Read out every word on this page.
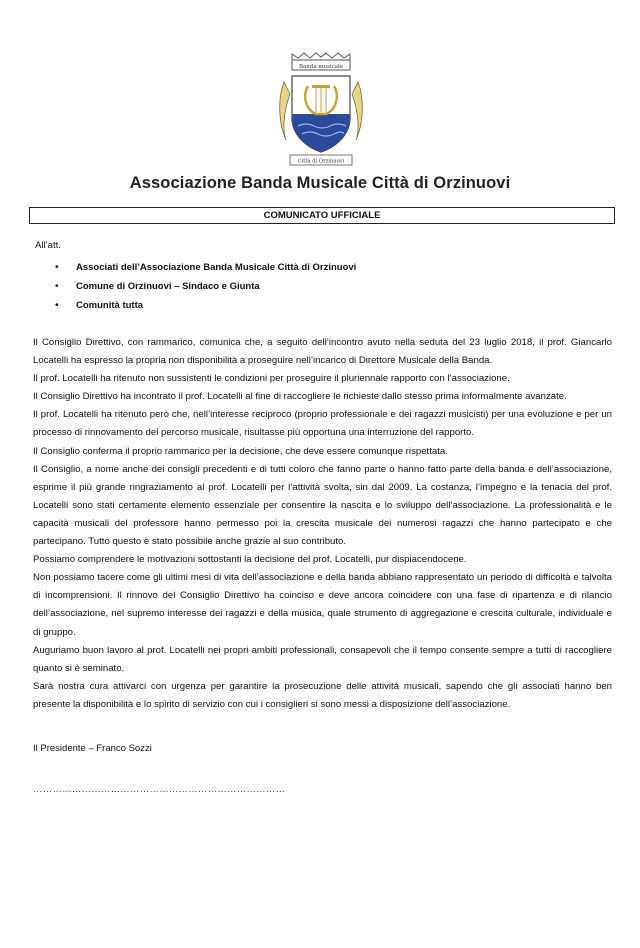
Banda musicale
Città di Orzinuovi
Associazione Banda Musicale Città di Orzinuovi
COMUNICATO UFFICIALE
All’att.
• Associati dell’Associazione Banda Musicale Città di Orzinuovi
• Comune di Orzinuovi – Sindaco e Giunta
• Comunità tutta

Il Consiglio Direttivo, con rammarico, comunica che, a seguito dell’incontro avuto nella seduta del 23 luglio 2018, il prof. Giancarlo Locatelli ha espresso la propria non disponibilità a proseguire nell’incarico di Direttore Musicale della Banda.

Il prof. Locatelli ha ritenuto non sussistenti le condizioni per proseguire il pluriennale rapporto con l’associazione.

Il Consiglio Direttivo ha incontrato il prof. Locatelli al fine di raccogliere le richieste dallo stesso prima informalmente avanzate.

Il prof. Locatelli ha ritenuto però che, nell’interesse reciproco (proprio professionale e dei ragazzi musicisti) per una evoluzione e per un processo di rinnovamento del percorso musicale, risultasse più opportuna una interruzione del rapporto.

Il Consiglio conferma il proprio rammarico per la decisione, che deve essere comunque rispettata.

Il Consiglio, a nome anche dei consigli precedenti e di tutti coloro che fanno parte o hanno fatto parte della banda e dell’associazione, esprime il più grande ringraziamento al prof. Locatelli per l’attività svolta, sin dal 2009. La costanza, l’impegno e la tenacia del prof. Locatelli sono stati certamente elemento essenziale per consentire la nascita e lo sviluppo dell’associazione. La professionalità e le capacità musicali del professore hanno permesso poi la crescita musicale dei numerosi ragazzi che hanno partecipato e che partecipano. Tutto questo è stato possibile anche grazie al suo contributo.

Possiamo comprendere le motivazioni sottostanti la decisione del prof. Locatelli, pur dispiacendocene.

Non possiamo tacere come gli ultimi mesi di vita dell’associazione e della banda abbiano rappresentato un periodo di difficoltà e talvolta di incomprensioni. Il rinnovo del Consiglio Direttivo ha coinciso e deve ancora coincidere con una fase di ripartenza e di rilancio dell’associazione, nel supremo interesse dei ragazzi e della musica, quale strumento di aggregazione e crescita culturale, individuale e di gruppo.

Auguriamo buon lavoro al prof. Locatelli nei propri ambiti professionali, consapevoli che il tempo consente sempre a tutti di raccogliere quanto si è seminato.

Sarà nostra cura attivarci con urgenza per garantire la prosecuzione delle attività musicali, sapendo che gli associati hanno ben presente la disponibilità e lo spirito di servizio con cui i consiglieri si sono messi a disposizione dell’associazione.

Il Presidente – Franco Sozzi
……………………………………………………………………
